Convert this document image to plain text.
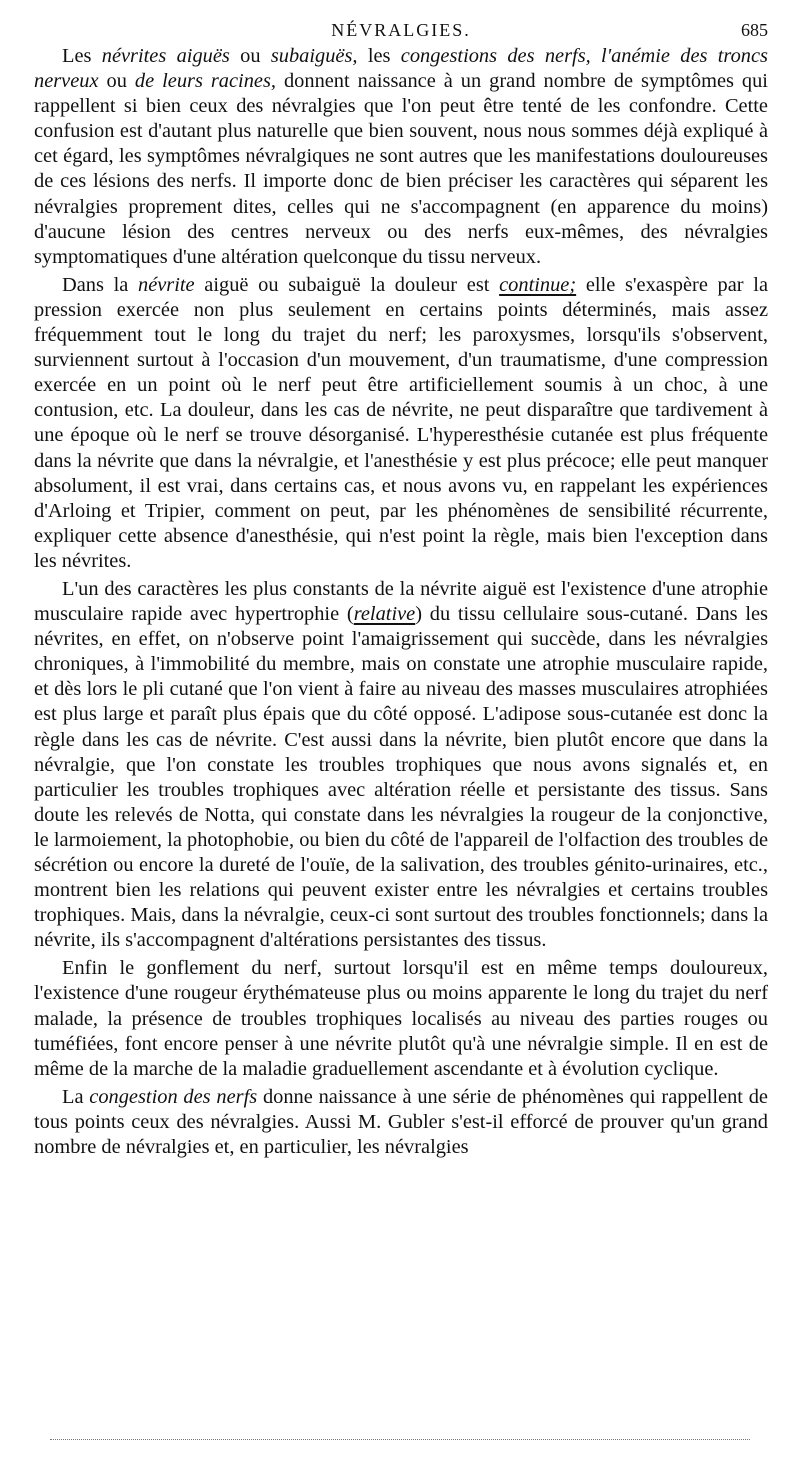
NÉVRALGIES.	685

Les névrites aiguës ou subaiguës, les congestions des nerfs, l'anémie des troncs nerveux ou de leurs racines, donnent naissance à un grand nombre de symptômes qui rappellent si bien ceux des névralgies que l'on peut être tenté de les confondre. Cette confusion est d'autant plus naturelle que bien souvent, nous nous sommes déjà expliqué à cet égard, les symptômes névralgiques ne sont autres que les manifestations douloureuses de ces lésions des nerfs. Il importe donc de bien préciser les caractères qui séparent les névralgies proprement dites, celles qui ne s'accompagnent (en apparence du moins) d'aucune lésion des centres nerveux ou des nerfs eux-mêmes, des névralgies symptomatiques d'une altération quelconque du tissu nerveux.

Dans la névrite aiguë ou subaiguë la douleur est continue; elle s'exaspère par la pression exercée non plus seulement en certains points déterminés, mais assez fréquemment tout le long du trajet du nerf; les paroxysmes, lorsqu'ils s'observent, surviennent surtout à l'occasion d'un mouvement, d'un traumatisme, d'une compression exercée en un point où le nerf peut être artificiellement soumis à un choc, à une contusion, etc. La douleur, dans les cas de névrite, ne peut disparaître que tardivement à une époque où le nerf se trouve désorganisé. L'hyperesthésie cutanée est plus fréquente dans la névrite que dans la névralgie, et l'anesthésie y est plus précoce; elle peut manquer absolument, il est vrai, dans certains cas, et nous avons vu, en rappelant les expériences d'Arloing et Tripier, comment on peut, par les phénomènes de sensibilité récurrente, expliquer cette absence d'anesthésie, qui n'est point la règle, mais bien l'exception dans les névrites.

L'un des caractères les plus constants de la névrite aiguë est l'existence d'une atrophie musculaire rapide avec hypertrophie (relative) du tissu cellulaire sous-cutané. Dans les névrites, en effet, on n'observe point l'amaigrissement qui succède, dans les névralgies chroniques, à l'immobilité du membre, mais on constate une atrophie musculaire rapide, et dès lors le pli cutané que l'on vient à faire au niveau des masses musculaires atrophiées est plus large et paraît plus épais que du côté opposé. L'adipose sous-cutanée est donc la règle dans les cas de névrite. C'est aussi dans la névrite, bien plutôt encore que dans la névralgie, que l'on constate les troubles trophiques que nous avons signalés et, en particulier les troubles trophiques avec altération réelle et persistante des tissus. Sans doute les relevés de Notta, qui constate dans les névralgies la rougeur de la conjonctive, le larmoiement, la photophobie, ou bien du côté de l'appareil de l'olfaction des troubles de sécrétion ou encore la dureté de l'ouïe, de la salivation, des troubles génito-urinaires, etc., montrent bien les relations qui peuvent exister entre les névralgies et certains troubles trophiques. Mais, dans la névralgie, ceux-ci sont surtout des troubles fonctionnels; dans la névrite, ils s'accompagnent d'altérations persistantes des tissus.

Enfin le gonflement du nerf, surtout lorsqu'il est en même temps douloureux, l'existence d'une rougeur érythémateuse plus ou moins apparente le long du trajet du nerf malade, la présence de troubles trophiques localisés au niveau des parties rouges ou tuméfiées, font encore penser à une névrite plutôt qu'à une névralgie simple. Il en est de même de la marche de la maladie graduellement ascendante et à évolution cyclique.

La congestion des nerfs donne naissance à une série de phénomènes qui rappellent de tous points ceux des névralgies. Aussi M. Gubler s'est-il efforcé de prouver qu'un grand nombre de névralgies et, en particulier, les névralgies
